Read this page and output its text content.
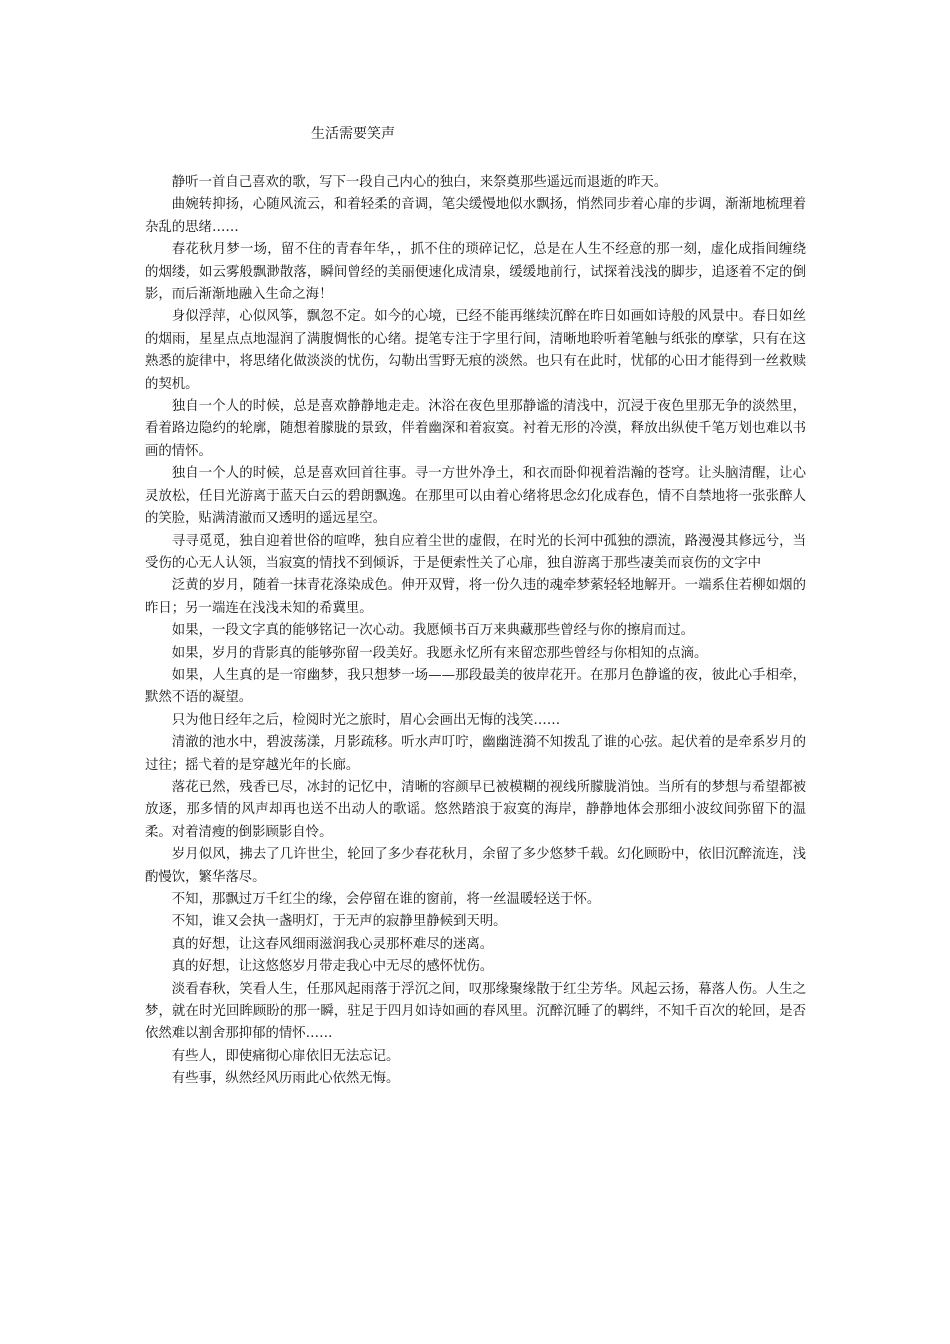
生活需要笑声

静听一首自己喜欢的歌，写下一段自己内心的独白，来祭奠那些遥远而退逝的昨天。

曲婉转抑扬，心随风流云，和着轻柔的音调，笔尖缓慢地似水飘扬，悄然同步着心扉的步调，渐渐地梳理着杂乱的思绪……

春花秋月梦一场，留不住的青春年华，，抓不住的琐碎记忆，总是在人生不经意的那一刻，虚化成指间缠绕的烟缕，如云雾般飘渺散落，瞬间曾经的美丽便速化成清泉，缓缓地前行，试探着浅浅的脚步，追逐着不定的倒影，而后渐渐地融入生命之海！

身似浮萍，心似风筝，飘忽不定。如今的心境，已经不能再继续沉醉在昨日如画如诗般的风景中。春日如丝的烟雨，星星点点地湿润了满腹惆怅的心绪。提笔专注于字里行间，清晰地聆听着笔触与纸张的摩挲，只有在这熟悉的旋律中，将思绪化做淡淡的忧伤，勾勒出雪野无痕的淡然。也只有在此时，忧郁的心田才能得到一丝救赎的契机。

独自一个人的时候，总是喜欢静静地走走。沐浴在夜色里那静谧的清浅中，沉浸于夜色里那无争的淡然里，看着路边隐约的轮廓，随想着朦胧的景致，伴着幽深和着寂寞。衬着无形的冷漠，释放出纵使千笔万划也难以书画的情怀。

独自一个人的时候，总是喜欢回首往事。寻一方世外净土，和衣而卧仰视着浩瀚的苍穹。让头脑清醒，让心灵放松，任目光游离于蓝天白云的碧朗飘逸。在那里可以由着心绪将思念幻化成春色，情不自禁地将一张张醉人的笑脸，贴满清澈而又透明的遥远星空。

寻寻觅觅，独自迎着世俗的喧哗，独自应着尘世的虚假，在时光的长河中孤独的漂流，路漫漫其修远兮，当受伤的心无人认领，当寂寞的情找不到倾诉，于是便索性关了心扉，独自游离于那些凄美而哀伤的文字中

泛黄的岁月，随着一抹青花涤染成色。伸开双臂，将一份久违的魂牵梦萦轻轻地解开。一端系住若柳如烟的昨日；另一端连在浅浅未知的希冀里。

如果，一段文字真的能够铭记一次心动。我愿倾书百万来典藏那些曾经与你的擦肩而过。

如果，岁月的背影真的能够弥留一段美好。我愿永忆所有来留恋那些曾经与你相知的点滴。

如果，人生真的是一帘幽梦，我只想梦一场——那段最美的彼岸花开。在那月色静谧的夜，彼此心手相牵，默然不语的凝望。

只为他日经年之后，检阅时光之旅时，眉心会画出无悔的浅笑……

清澈的池水中，碧波荡漾，月影疏移。听水声叮咛，幽幽涟漪不知拨乱了谁的心弦。起伏着的是牵系岁月的过往；摇弋着的是穿越光年的长廊。

落花已然，残香已尽，冰封的记忆中，清晰的容颜早已被模糊的视线所朦胧消蚀。当所有的梦想与希望都被放逐，那多情的风声却再也送不出动人的歌谣。悠然踏浪于寂寞的海岸，静静地体会那细小波纹间弥留下的温柔。对着清瘦的倒影顾影自怜。

岁月似风，拂去了几许世尘，轮回了多少春花秋月，余留了多少悠梦千载。幻化顾盼中，依旧沉醉流连，浅酌慢饮，繁华落尽。

不知，那飘过万千红尘的缘，会停留在谁的窗前，将一丝温暖轻送于怀。

不知，谁又会执一盏明灯，于无声的寂静里静候到天明。

真的好想，让这春风细雨滋润我心灵那杯难尽的迷离。

真的好想，让这悠悠岁月带走我心中无尽的感怀忧伤。

淡看春秋，笑看人生，任那风起雨落于浮沉之间，叹那缘聚缘散于红尘芳华。风起云扬，幕落人伤。人生之梦，就在时光回眸顾盼的那一瞬，驻足于四月如诗如画的春风里。沉醉沉睡了的羁绊，不知千百次的轮回，是否依然难以割舍那抑郁的情怀……

有些人，即使痛彻心扉依旧无法忘记。

有些事，纵然经风历雨此心依然无悔。
